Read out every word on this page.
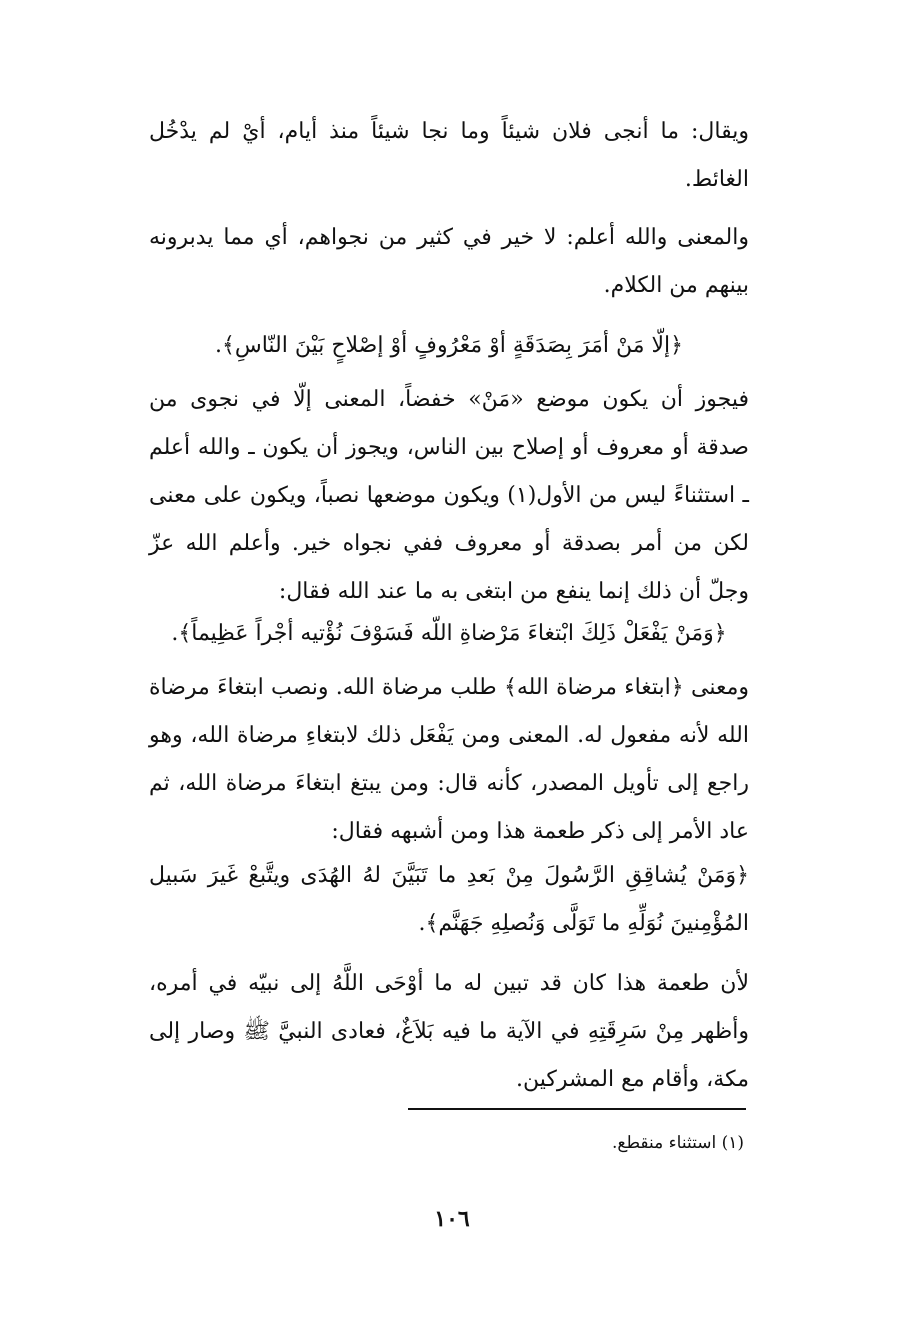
ويقال: ما أنجى فلان شيئاً وما نجا شيئاً منذ أيام، أيْ لم يدْخُل الغائط.

والمعنى والله أعلم: لا خير في كثير من نجواهم، أي مما يدبرونه بينهم من الكلام.

﴿إلّا مَنْ أمَرَ بِصَدَقَةٍ أوْ مَعْرُوفٍ أوْ إصْلاحٍ بَيْنَ النّاسِ﴾.

فيجوز أن يكون موضع «مَنْ» خفضاً، المعنى إلّا في نجوى من صدقة أو معروف أو إصلاح بين الناس، ويجوز أن يكون ـ والله أعلم ـ استثناءً ليس من الأول(١) ويكون موضعها نصباً، ويكون على معنى لكن من أمر بصدقة أو معروف ففي نجواه خير. وأعلم الله عزّ وجلّ أن ذلك إنما ينفع من ابتغى به ما عند الله فقال:

﴿وَمَنْ يَفْعَلْ ذَلِكَ ابْتغاءَ مَرْضاةِ اللّه فَسَوْفَ نُؤْتيه أجْراً عَظِيماً﴾.

ومعنى ﴿ابتغاء مرضاة الله﴾ طلب مرضاة الله. ونصب ابتغاءَ مرضاة الله لأنه مفعول له. المعنى ومن يَفْعَل ذلك لابتغاءِ مرضاة الله، وهو راجع إلى تأويل المصدر، كأنه قال: ومن يبتغ ابتغاءَ مرضاة الله، ثم عاد الأمر إلى ذكر طعمة هذا ومن أشبهه فقال:

﴿وَمَنْ يُشاقِقِ الرَّسُولَ مِنْ بَعدِ ما تَبَيَّنَ لهُ الهُدَى ويتَّبعْ غَيرَ سَبيل المُؤْمِنينَ نُوَلِّهِ ما تَوَلَّى وَنُصلِهِ جَهَنَّم﴾.

لأن طعمة هذا كان قد تبين له ما أوْحَى اللَّهُ إلى نبيّه في أمره، وأظهر مِنْ سَرِقَتِهِ في الآية ما فيه بَلاَغٌ، فعادى النبيَّ ﷺ وصار إلى مكة، وأقام مع المشركين.

(١) استثناء منقطع.

١٠٦
